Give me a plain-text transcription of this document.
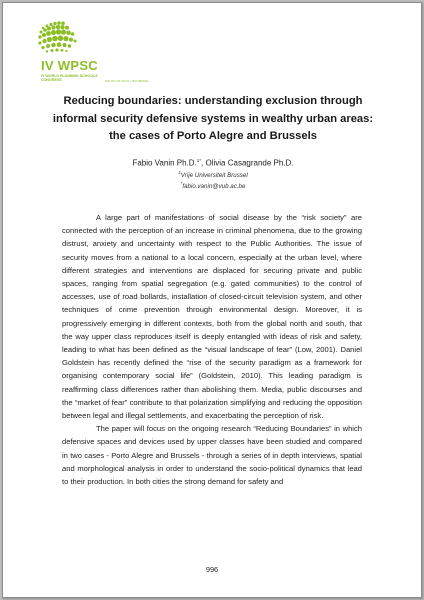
IV WPSC
IV WORLD PLANNING SCHOOLS CONGRESS	SOUTH OF KEYS • RIO BRASIL
Reducing boundaries: understanding exclusion through informal security defensive systems in wealthy urban areas: the cases of Porto Alegre and Brussels
Fabio Vanin Ph.D.$^{1*}$, Olivia Casagrande Ph.D.
$^1$Vrije Universiteit Brussel
*fabio.vanin@vub.ac.be

A large part of manifestations of social disease by the “risk society” are connected with the perception of an increase in criminal phenomena, due to the growing distrust, anxiety and uncertainty with respect to the Public Authorities. The issue of security moves from a national to a local concern, especially at the urban level, where different strategies and interventions are displaced for securing private and public spaces, ranging from spatial segregation (e.g. gated communities) to the control of accesses, use of road bollards, installation of closed-circuit television system, and other techniques of crime prevention through environmental design. Moreover, it is progressively emerging in different contexts, both from the global north and south, that the way upper class reproduces itself is deeply entangled with ideas of risk and safety, leading to what has been defined as the “visual landscape of fear” (Low, 2001). Daniel Goldstein has recently defined the “rise of the security paradigm as a framework for organising contemporary social life” (Goldstein, 2010). This leading paradigm is reaffirming class differences rather than abolishing them. Media, public discourses and the “market of fear” contribute to that polarization simplifying and reducing the opposition between legal and illegal settlements, and exacerbating the perception of risk.

The paper will focus on the ongoing research “Reducing Boundaries” in which defensive spaces and devices used by upper classes have been studied and compared in two cases - Porto Alegre and Brussels - through a series of in depth interviews, spatial and morphological analysis in order to understand the socio-political dynamics that lead to their production. In both cities the strong demand for safety and

996
